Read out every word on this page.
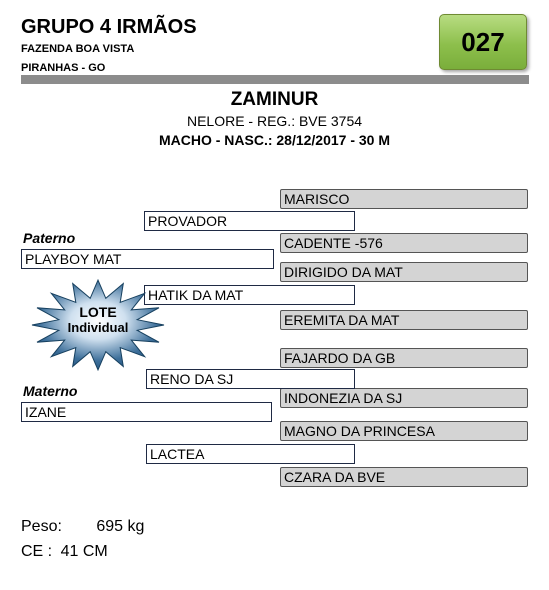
GRUPO 4 IRMÃOS
FAZENDA BOA VISTA
PIRANHAS - GO
027
ZAMINUR
NELORE - REG.: BVE 3754
MACHO - NASC.: 28/12/2017 - 30 M
MARISCO
CADENTE -576
DIRIGIDO DA MAT
EREMITA DA MAT
FAJARDO DA GB
INDONEZIA DA SJ
MAGNO DA PRINCESA
CZARA DA BVE
PROVADOR
HATIK DA MAT
RENO DA SJ
LACTEA
Paterno
PLAYBOY MAT
Materno
IZANE
LOTE
Individual
Peso: 695 kg
CE : 41 CM
